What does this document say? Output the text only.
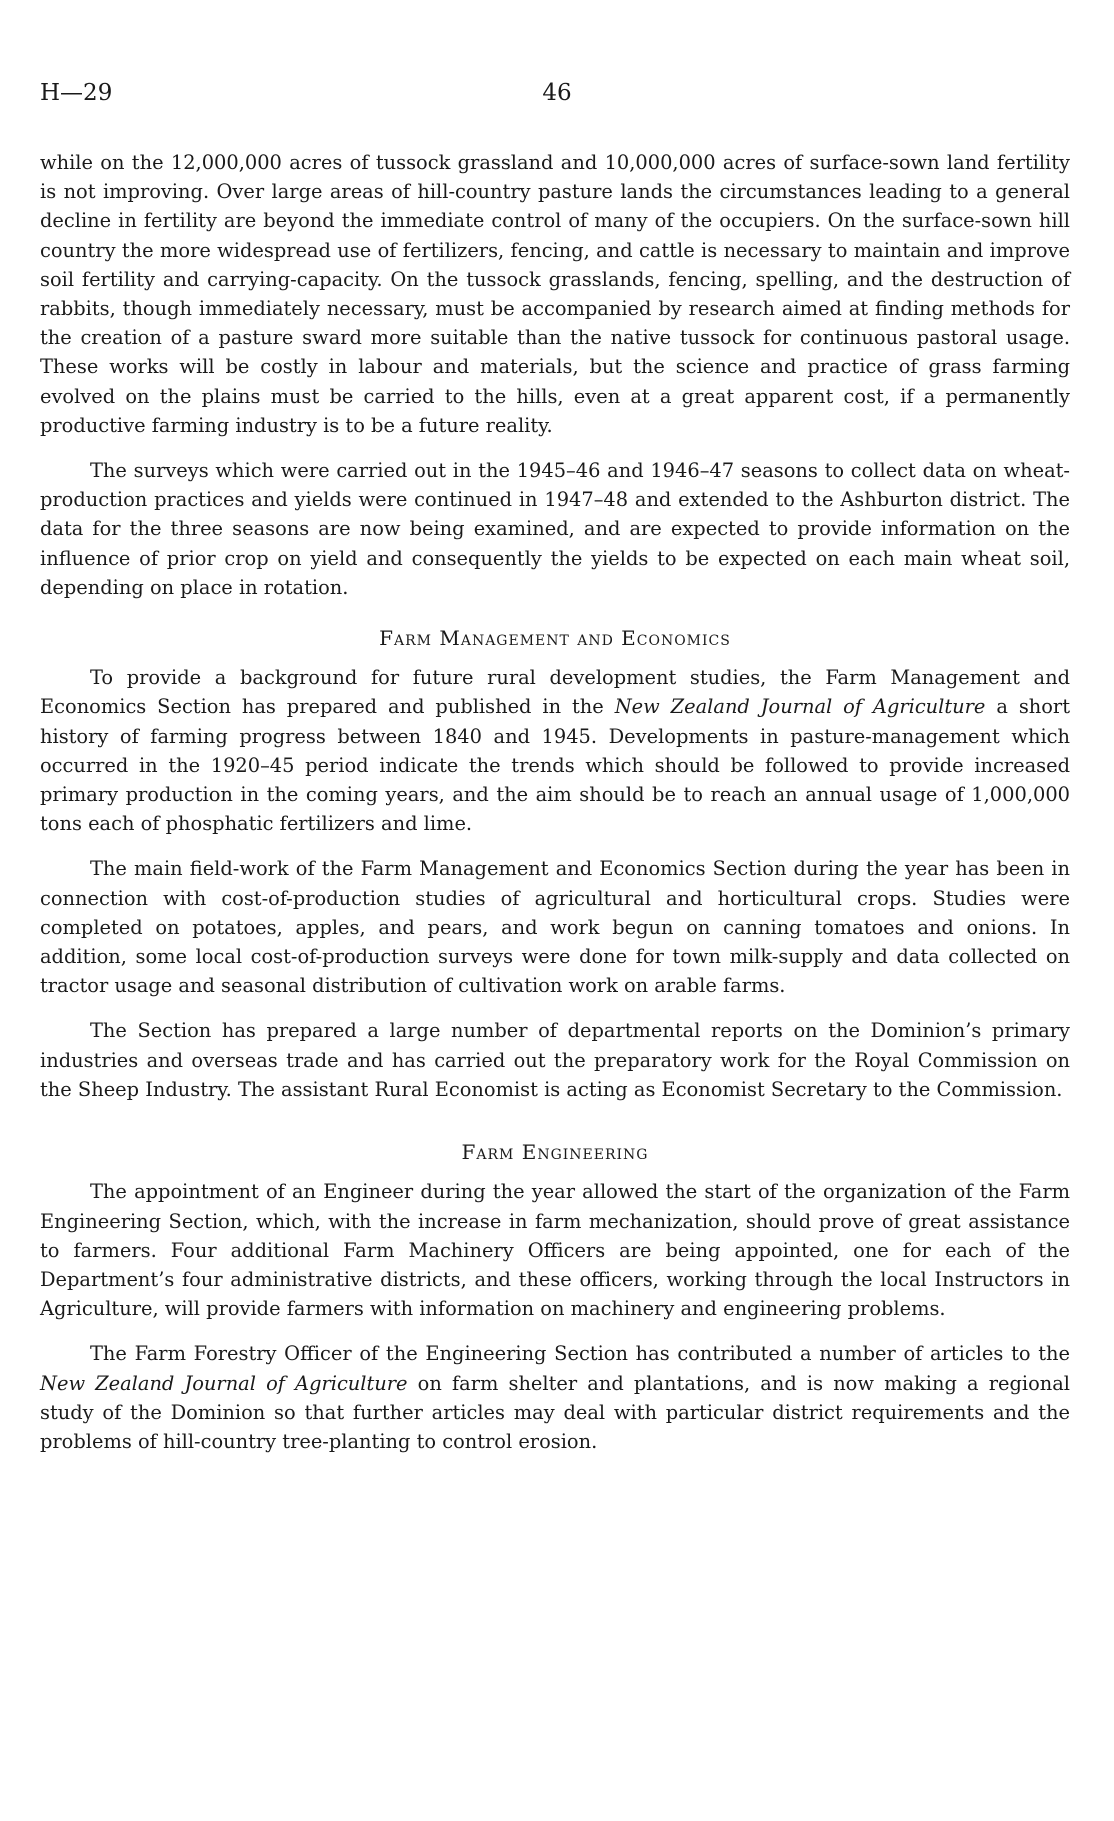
H—29	46

while on the 12,000,000 acres of tussock grassland and 10,000,000 acres of surface-sown land fertility is not improving. Over large areas of hill-country pasture lands the circumstances leading to a general decline in fertility are beyond the immediate control of many of the occupiers. On the surface-sown hill country the more widespread use of fertilizers, fencing, and cattle is necessary to maintain and improve soil fertility and carrying-capacity. On the tussock grasslands, fencing, spelling, and the destruction of rabbits, though immediately necessary, must be accompanied by research aimed at finding methods for the creation of a pasture sward more suitable than the native tussock for continuous pastoral usage. These works will be costly in labour and materials, but the science and practice of grass farming evolved on the plains must be carried to the hills, even at a great apparent cost, if a permanently productive farming industry is to be a future reality.

The surveys which were carried out in the 1945–46 and 1946–47 seasons to collect data on wheat-production practices and yields were continued in 1947–48 and extended to the Ashburton district. The data for the three seasons are now being examined, and are expected to provide information on the influence of prior crop on yield and consequently the yields to be expected on each main wheat soil, depending on place in rotation.

Farm Management and Economics

To provide a background for future rural development studies, the Farm Management and Economics Section has prepared and published in the New Zealand Journal of Agriculture a short history of farming progress between 1840 and 1945. Developments in pasture-management which occurred in the 1920–45 period indicate the trends which should be followed to provide increased primary production in the coming years, and the aim should be to reach an annual usage of 1,000,000 tons each of phosphatic fertilizers and lime.

The main field-work of the Farm Management and Economics Section during the year has been in connection with cost-of-production studies of agricultural and horticultural crops. Studies were completed on potatoes, apples, and pears, and work begun on canning tomatoes and onions. In addition, some local cost-of-production surveys were done for town milk-supply and data collected on tractor usage and seasonal distribution of cultivation work on arable farms.

The Section has prepared a large number of departmental reports on the Dominion’s primary industries and overseas trade and has carried out the preparatory work for the Royal Commission on the Sheep Industry. The assistant Rural Economist is acting as Economist Secretary to the Commission.

Farm Engineering

The appointment of an Engineer during the year allowed the start of the organization of the Farm Engineering Section, which, with the increase in farm mechanization, should prove of great assistance to farmers. Four additional Farm Machinery Officers are being appointed, one for each of the Department’s four administrative districts, and these officers, working through the local Instructors in Agriculture, will provide farmers with information on machinery and engineering problems.

The Farm Forestry Officer of the Engineering Section has contributed a number of articles to the New Zealand Journal of Agriculture on farm shelter and plantations, and is now making a regional study of the Dominion so that further articles may deal with particular district requirements and the problems of hill-country tree-planting to control erosion.
